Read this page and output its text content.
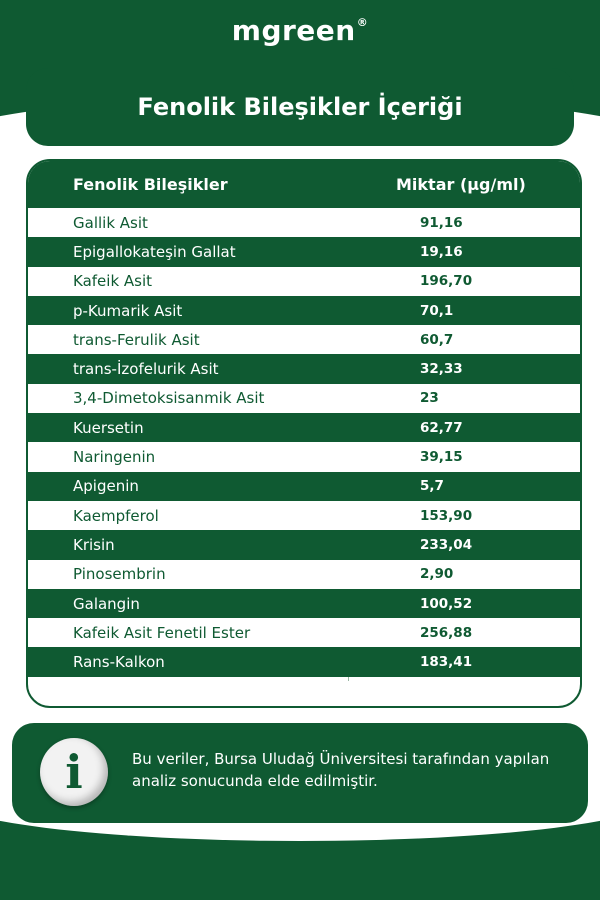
mgreen®
Fenolik Bileşikler İçeriği
Fenolik Bileşikler	Miktar (µg/ml)
Gallik Asit	91,16
Epigallokateşin Gallat	19,16
Kafeik Asit	196,70
p-Kumarik Asit	70,1
trans-Ferulik Asit	60,7
trans-İzofelurik Asit	32,33
3,4-Dimetoksisanmik Asit	23
Kuersetin	62,77
Naringenin	39,15
Apigenin	5,7
Kaempferol	153,90
Krisin	233,04
Pinosembrin	2,90
Galangin	100,52
Kafeik Asit Fenetil Ester	256,88
Rans-Kalkon	183,41
i	Bu veriler, Bursa Uludağ Üniversitesi tarafından yapılan analiz sonucunda elde edilmiştir.
